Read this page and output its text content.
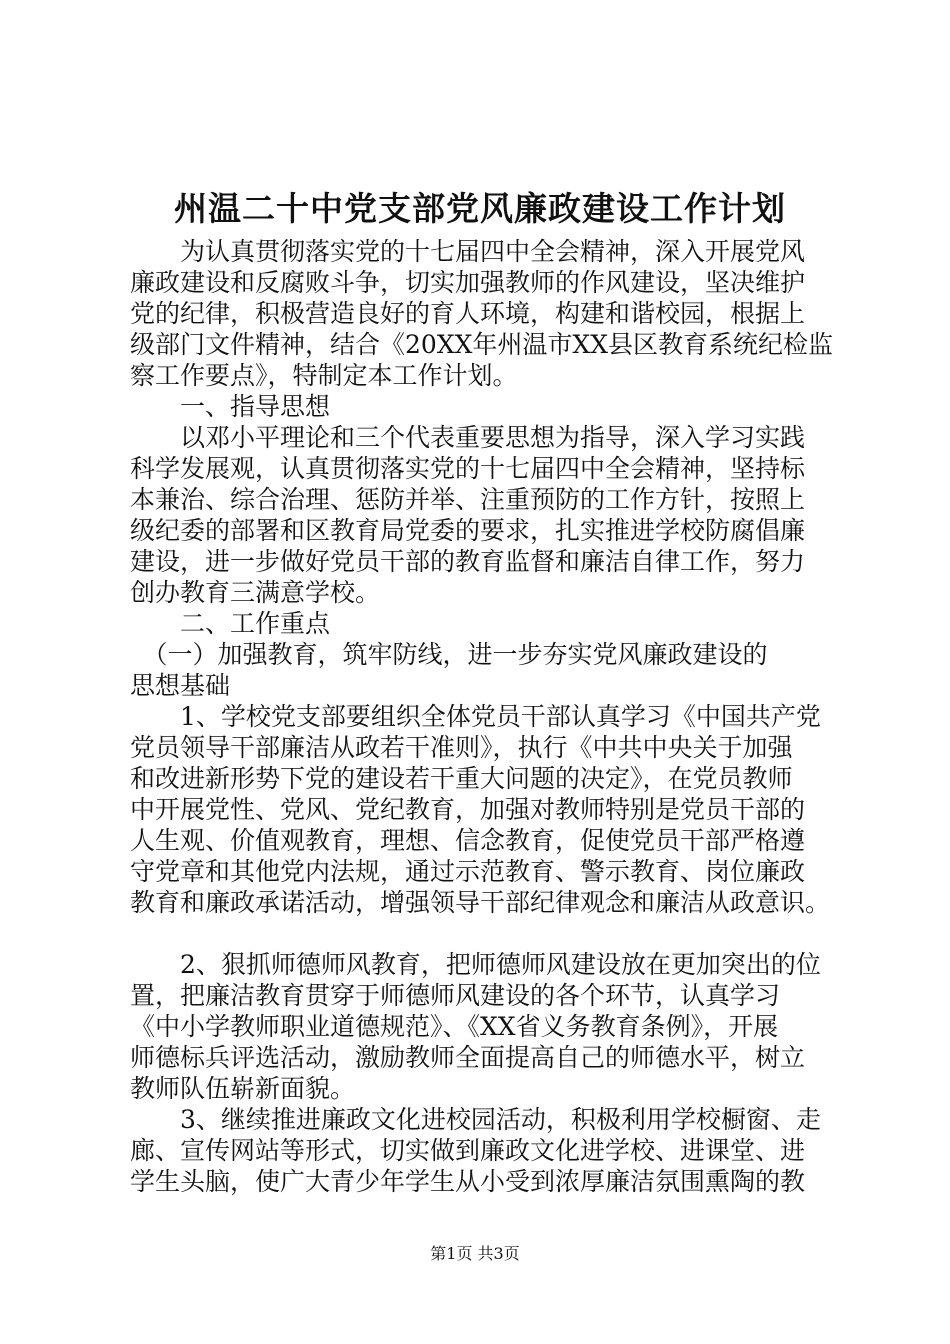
州温二十中党支部党风廉政建设工作计划
　　为认真贯彻落实党的十七届四中全会精神，深入开展党风
廉政建设和反腐败斗争，切实加强教师的作风建设，坚决维护
党的纪律，积极营造良好的育人环境，构建和谐校园，根据上
级部门文件精神，结合《20XX年州温市XX县区教育系统纪检监
察工作要点》，特制定本工作计划。
　　一、指导思想
　　以邓小平理论和三个代表重要思想为指导，深入学习实践
科学发展观，认真贯彻落实党的十七届四中全会精神，坚持标
本兼治、综合治理、惩防并举、注重预防的工作方针，按照上
级纪委的部署和区教育局党委的要求，扎实推进学校防腐倡廉
建设，进一步做好党员干部的教育监督和廉洁自律工作，努力
创办教育三满意学校。
　　二、工作重点
　（一）加强教育，筑牢防线，进一步夯实党风廉政建设的
思想基础
　　1、学校党支部要组织全体党员干部认真学习《中国共产党
党员领导干部廉洁从政若干准则》，执行《中共中央关于加强
和改进新形势下党的建设若干重大问题的决定》，在党员教师
中开展党性、党风、党纪教育，加强对教师特别是党员干部的
人生观、价值观教育，理想、信念教育，促使党员干部严格遵
守党章和其他党内法规，通过示范教育、警示教育、岗位廉政
教育和廉政承诺活动，增强领导干部纪律观念和廉洁从政意识。
　　2、狠抓师德师风教育，把师德师风建设放在更加突出的位
置，把廉洁教育贯穿于师德师风建设的各个环节，认真学习
《中小学教师职业道德规范》、《XX省义务教育条例》，开展
师德标兵评选活动，激励教师全面提高自己的师德水平，树立
教师队伍崭新面貌。
　　3、继续推进廉政文化进校园活动，积极利用学校橱窗、走
廊、宣传网站等形式，切实做到廉政文化进学校、进课堂、进
学生头脑，使广大青少年学生从小受到浓厚廉洁氛围熏陶的教
第1页 共3页
